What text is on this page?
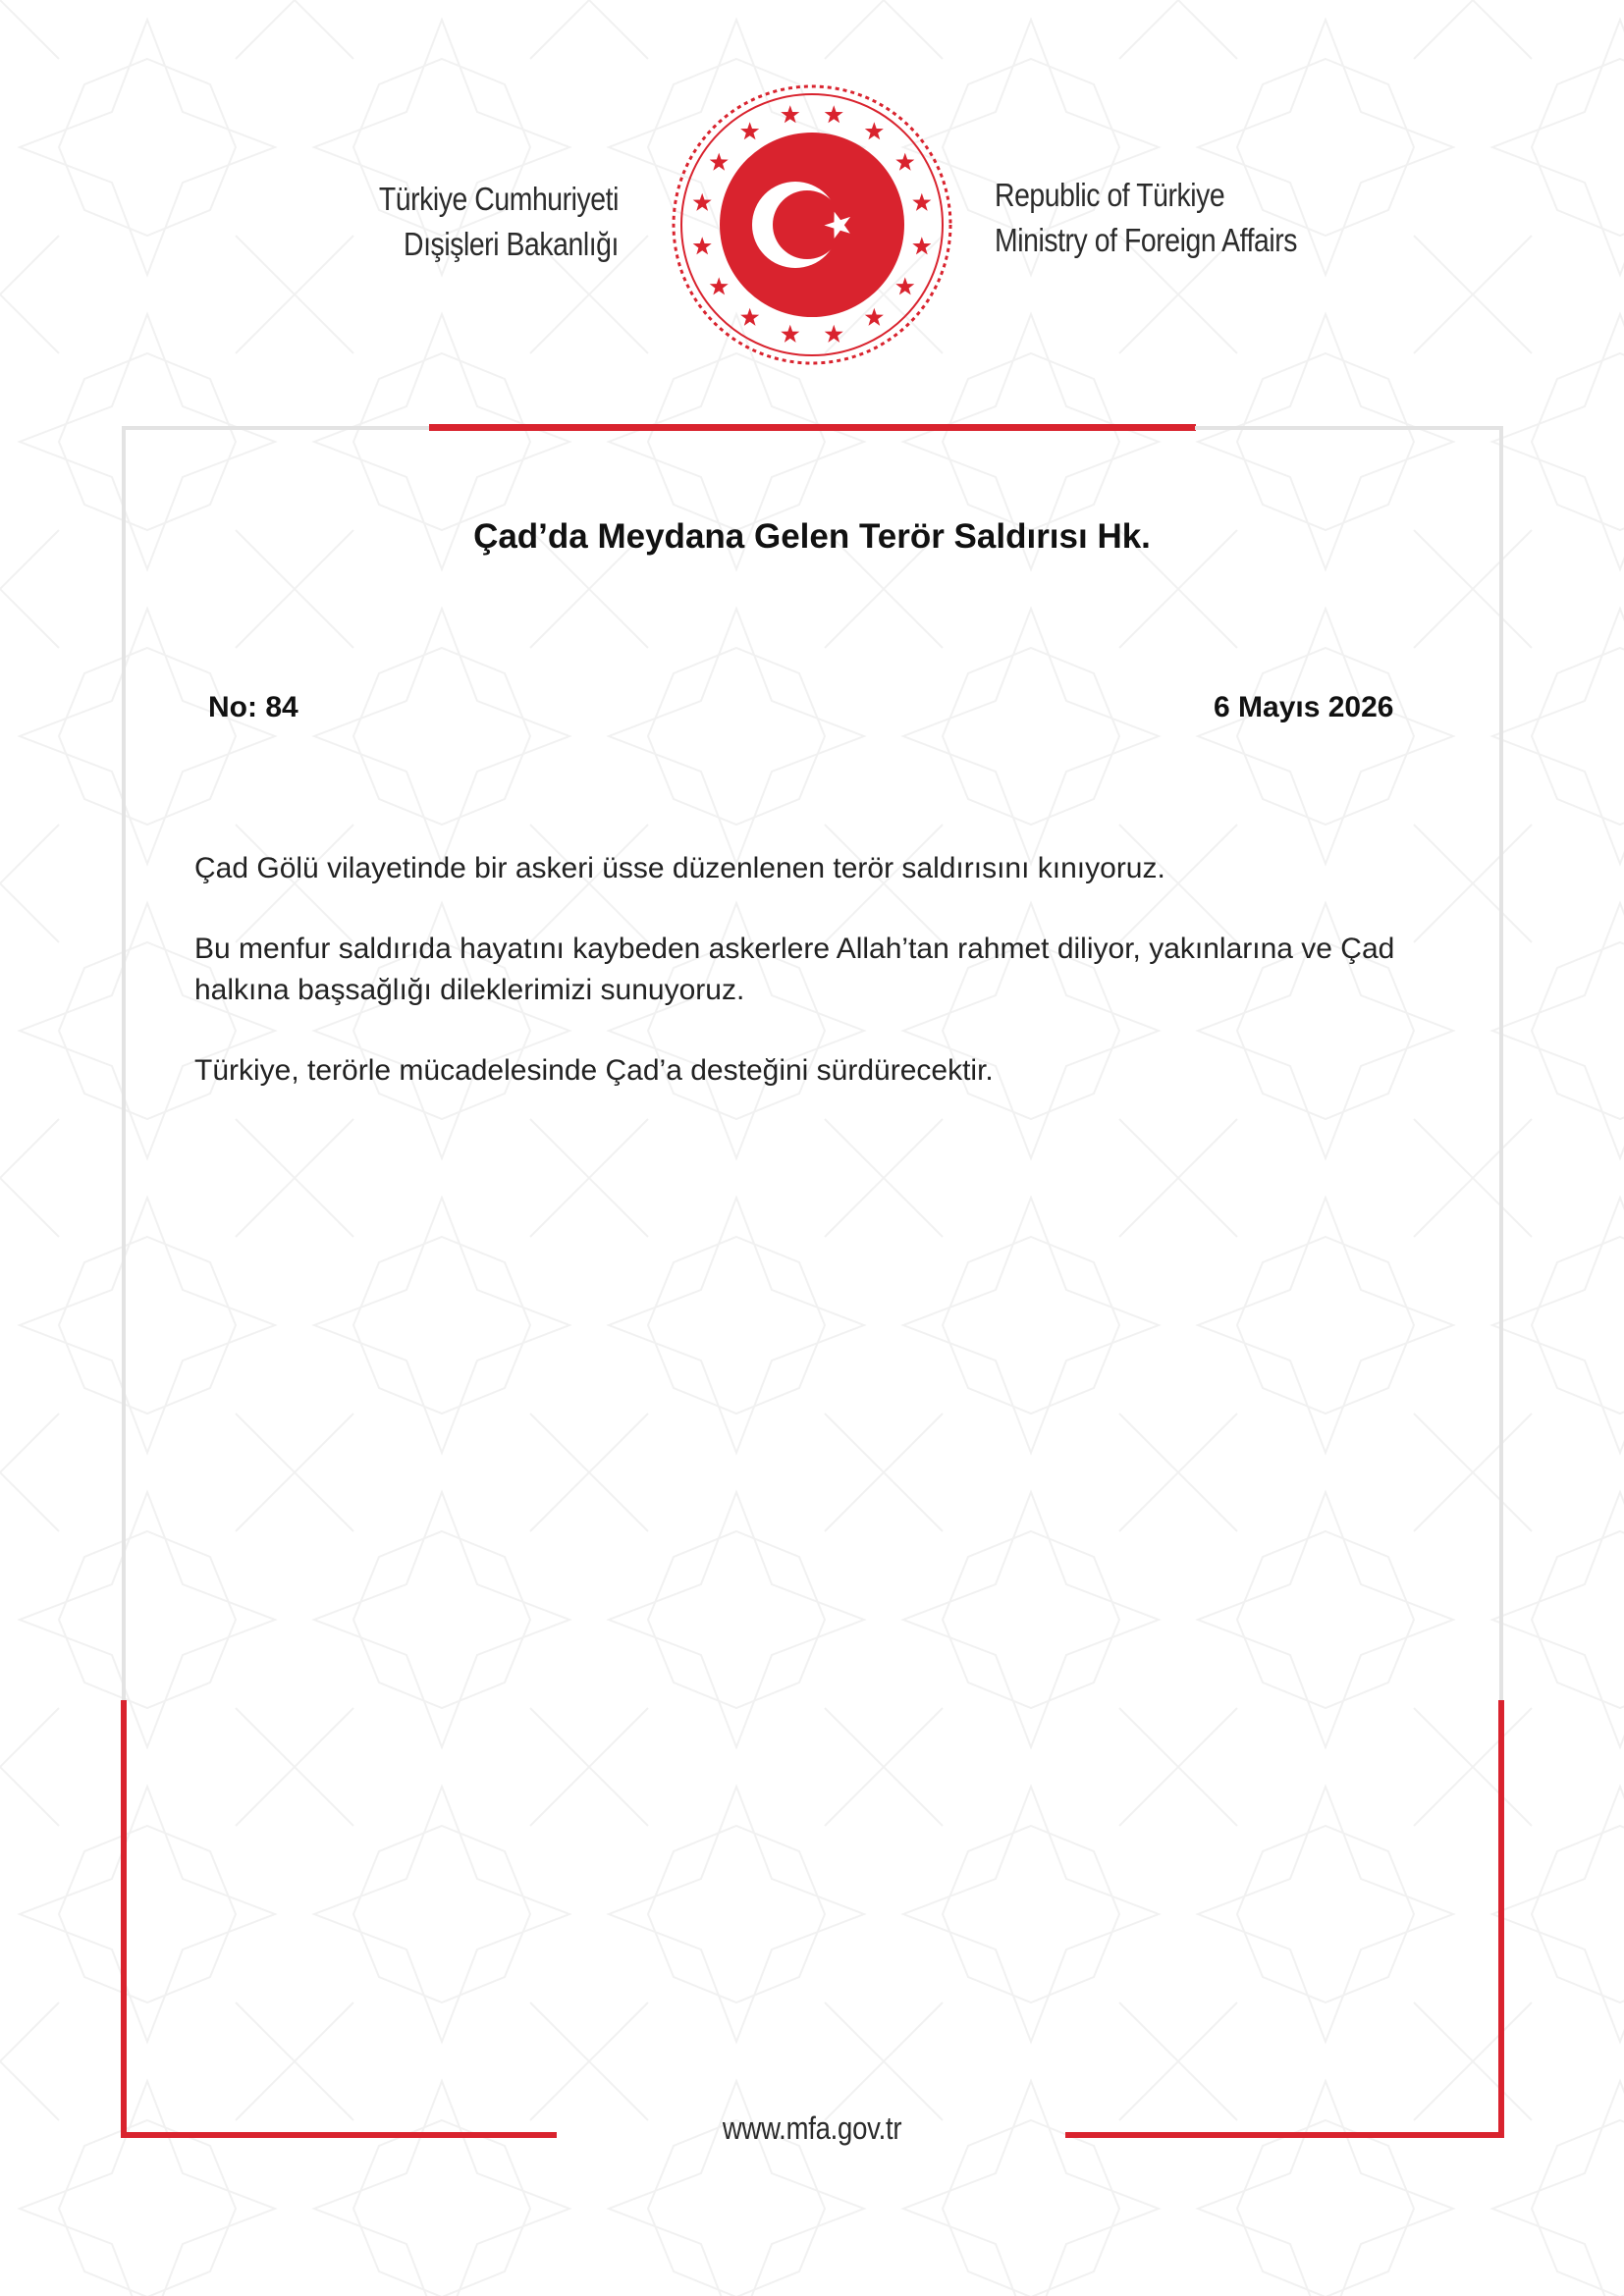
Türkiye Cumhuriyeti
Dışişleri Bakanlığı
Republic of Türkiye
Ministry of Foreign Affairs
Çad’da Meydana Gelen Terör Saldırısı Hk.
No: 84	6 Mayıs 2026

Çad Gölü vilayetinde bir askeri üsse düzenlenen terör saldırısını kınıyoruz.

Bu menfur saldırıda hayatını kaybeden askerlere Allah’tan rahmet diliyor, yakınlarına ve Çad halkına başsağlığı dileklerimizi sunuyoruz.

Türkiye, terörle mücadelesinde Çad’a desteğini sürdürecektir.

www.mfa.gov.tr
